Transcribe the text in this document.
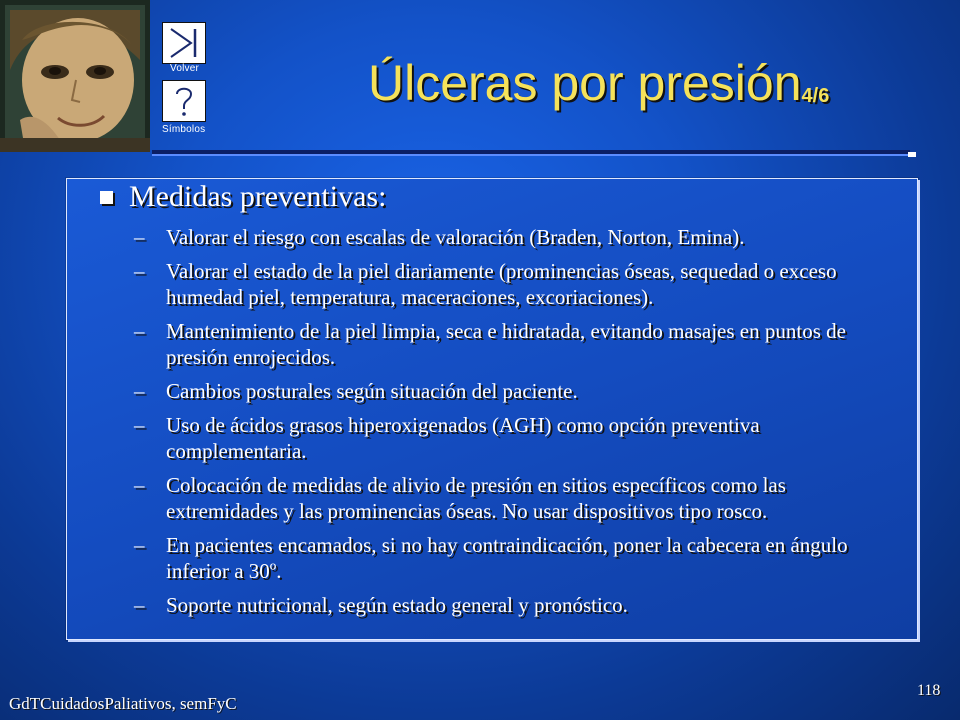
Volver
Símbolos
Úlceras por presión$_{4/6}$
Medidas preventivas:
– Valorar el riesgo con escalas de valoración (Braden, Norton, Emina).
– Valorar el estado de la piel diariamente (prominencias óseas, sequedad o exceso humedad piel, temperatura, maceraciones, excoriaciones).
– Mantenimiento de la piel limpia, seca e hidratada, evitando masajes en puntos de presión enrojecidos.
– Cambios posturales según situación del paciente.
– Uso de ácidos grasos hiperoxigenados (AGH) como opción preventiva complementaria.
– Colocación de medidas de alivio de presión en sitios específicos como las extremidades y las prominencias óseas. No usar dispositivos tipo rosco.
– En pacientes encamados, si no hay contraindicación, poner la cabecera en ángulo inferior a 30º.
– Soporte nutricional, según estado general y pronóstico.
GdTCuidadosPaliativos, semFyC
118
